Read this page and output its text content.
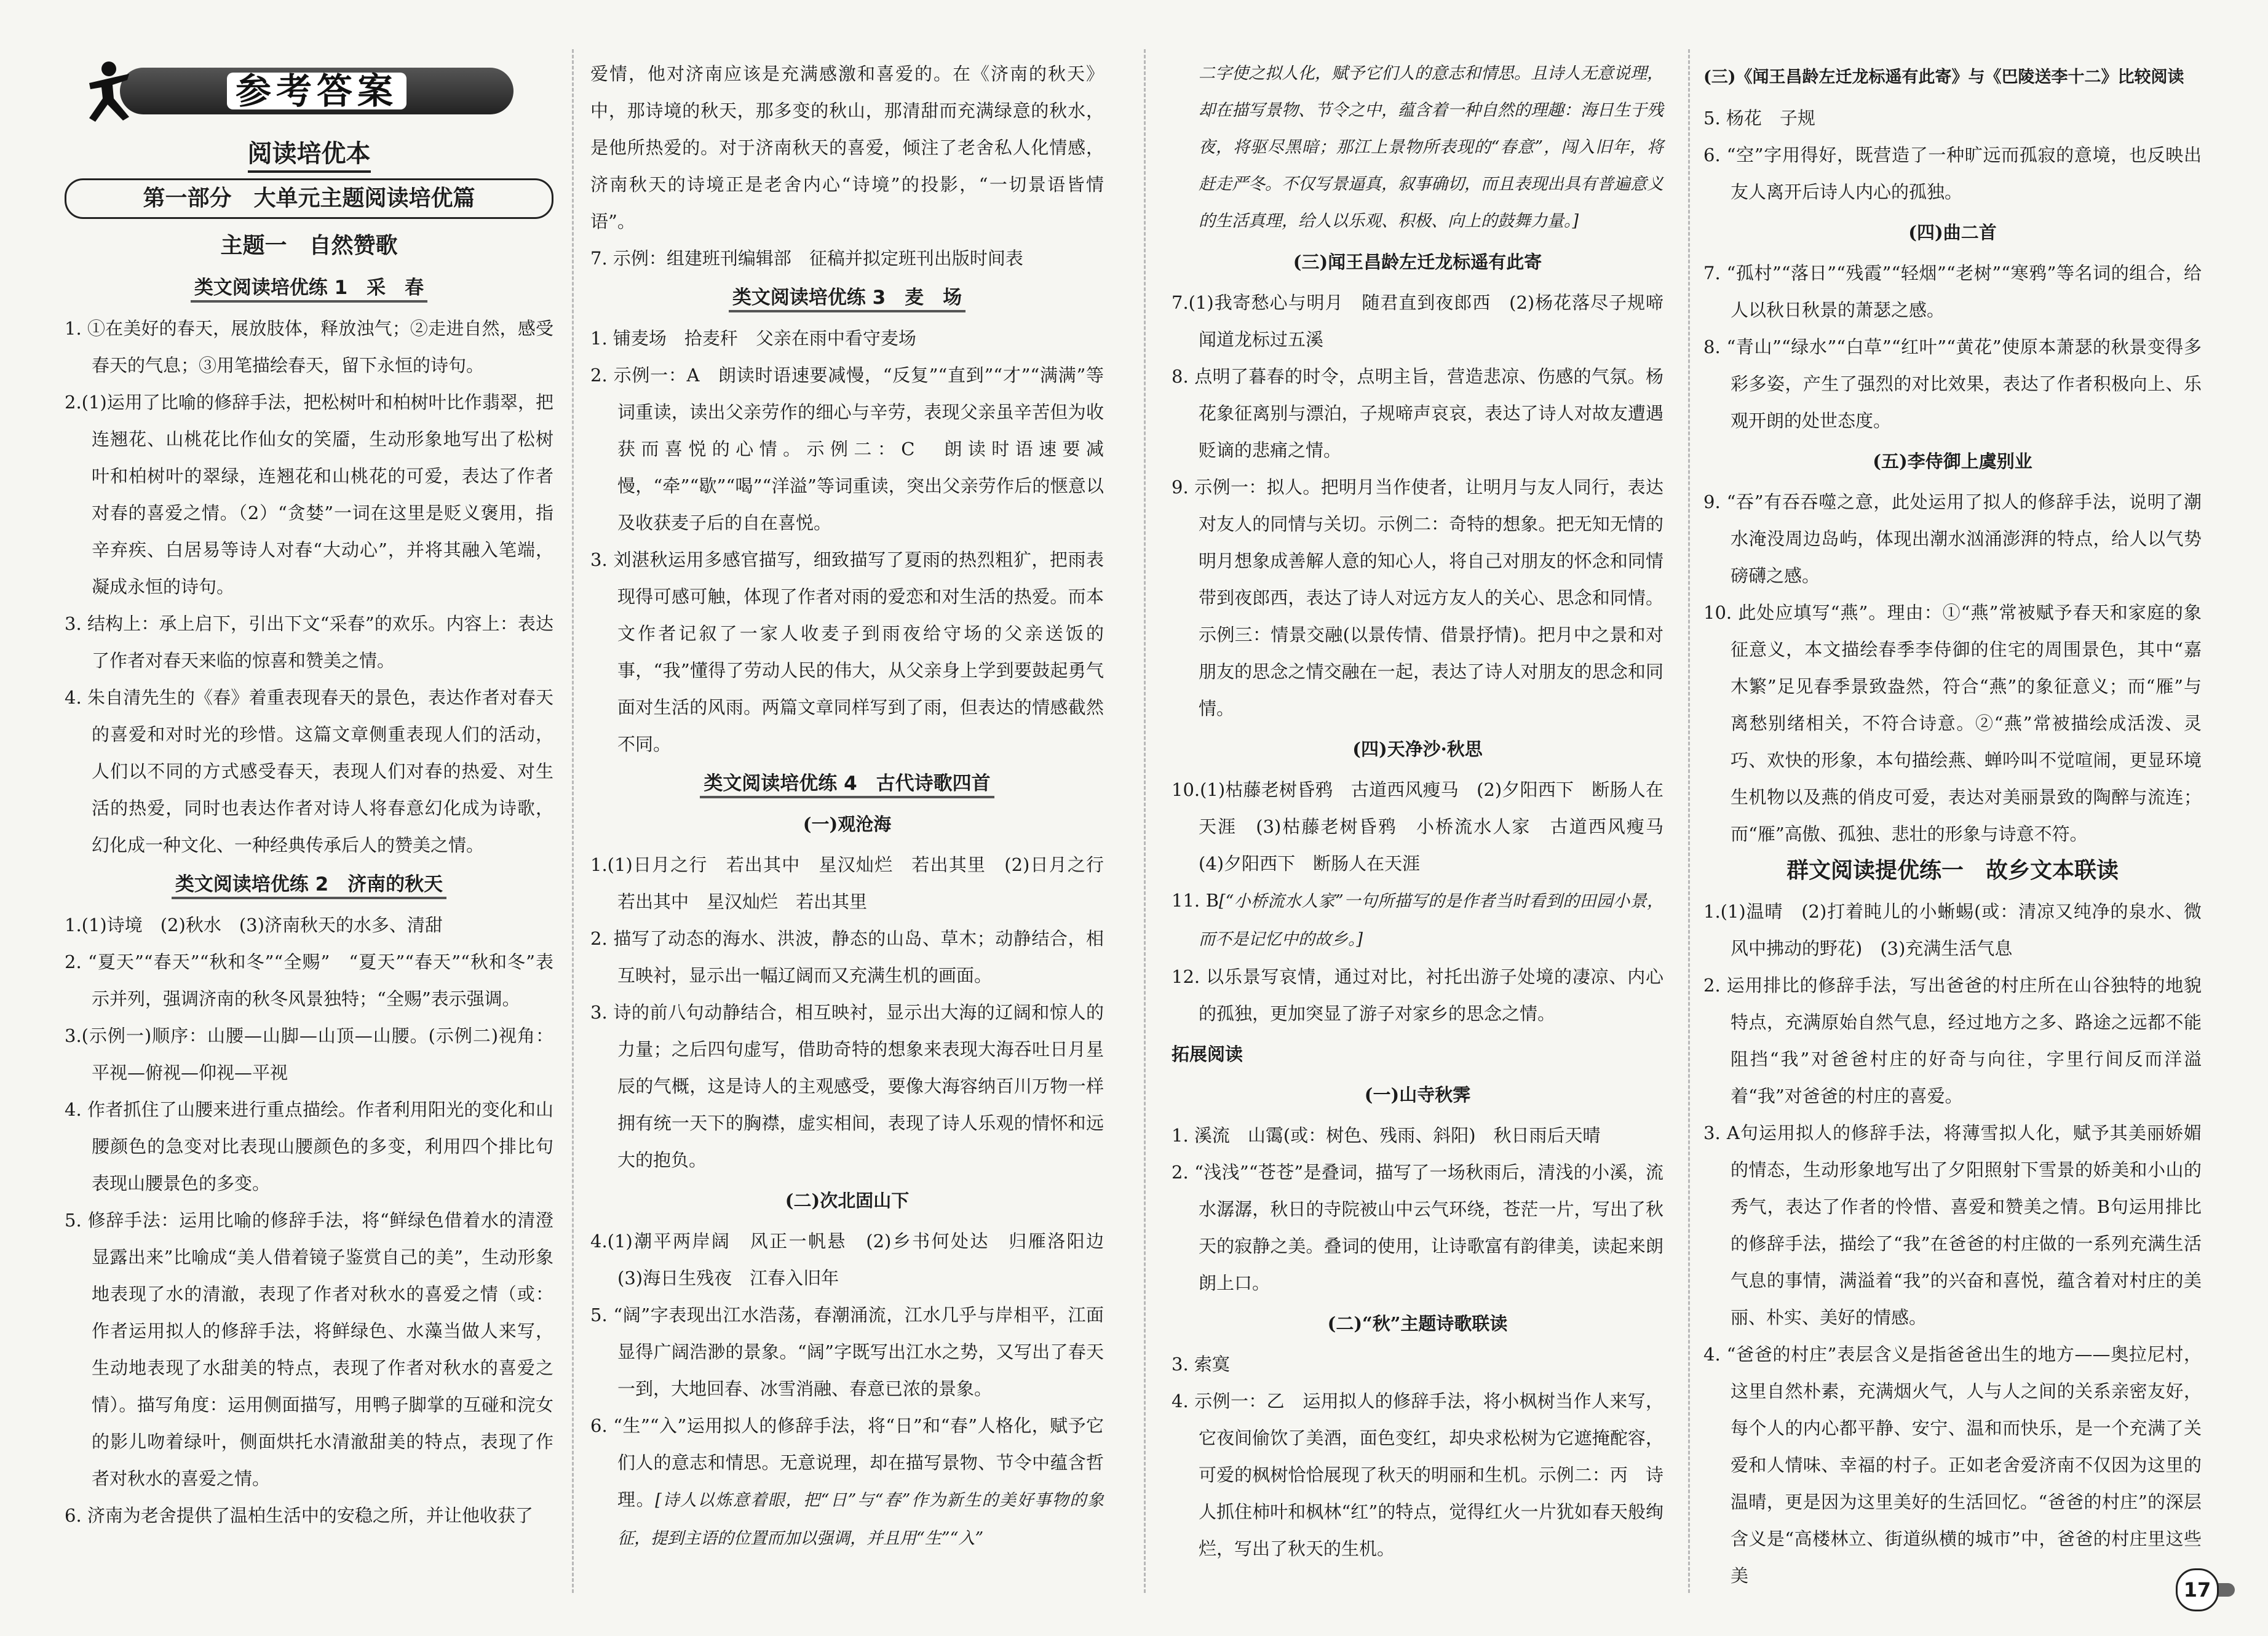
参考答案
阅读培优本
第一部分　大单元主题阅读培优篇
主题一　自然赞歌
类文阅读培优练 1　采　春

1. ①在美好的春天，展放肢体，释放浊气；②走进自然，感受春天的气息；③用笔描绘春天，留下永恒的诗句。

2.(1)运用了比喻的修辞手法，把松树叶和柏树叶比作翡翠，把连翘花、山桃花比作仙女的笑靥，生动形象地写出了松树叶和柏树叶的翠绿，连翘花和山桃花的可爱，表达了作者对春的喜爱之情。（2）“贪婪”一词在这里是贬义褒用，指辛弃疾、白居易等诗人对春“大动心”，并将其融入笔端，凝成永恒的诗句。

3. 结构上：承上启下，引出下文“采春”的欢乐。内容上：表达了作者对春天来临的惊喜和赞美之情。

4. 朱自清先生的《春》着重表现春天的景色，表达作者对春天的喜爱和对时光的珍惜。这篇文章侧重表现人们的活动，人们以不同的方式感受春天，表现人们对春的热爱、对生活的热爱，同时也表达作者对诗人将春意幻化成为诗歌，幻化成一种文化、一种经典传承后人的赞美之情。

类文阅读培优练 2　济南的秋天

1.(1)诗境　(2)秋水　(3)济南秋天的水多、清甜

2. “夏天”“春天”“秋和冬”“全赐”　“夏天”“春天”“秋和冬”表示并列，强调济南的秋冬风景独特；“全赐”表示强调。

3.(示例一)顺序：山腰—山脚—山顶—山腰。(示例二)视角：平视—俯视—仰视—平视

4. 作者抓住了山腰来进行重点描绘。作者利用阳光的变化和山腰颜色的急变对比表现山腰颜色的多变，利用四个排比句表现山腰景色的多变。

5. 修辞手法：运用比喻的修辞手法，将“鲜绿色借着水的清澄显露出来”比喻成“美人借着镜子鉴赏自己的美”，生动形象地表现了水的清澈，表现了作者对秋水的喜爱之情（或：作者运用拟人的修辞手法，将鲜绿色、水藻当做人来写，生动地表现了水甜美的特点，表现了作者对秋水的喜爱之情）。描写角度：运用侧面描写，用鸭子脚掌的互碰和浣女的影儿吻着绿叶，侧面烘托水清澈甜美的特点，表现了作者对秋水的喜爱之情。

6. 济南为老舍提供了温柏生活中的安稳之所，并让他收获了

爱情，他对济南应该是充满感激和喜爱的。在《济南的秋天》中，那诗境的秋天，那多变的秋山，那清甜而充满绿意的秋水，是他所热爱的。对于济南秋天的喜爱，倾注了老舍私人化情感，济南秋天的诗境正是老舍内心“诗境”的投影，“一切景语皆情语”。

7. 示例：组建班刊编辑部　征稿并拟定班刊出版时间表

类文阅读培优练 3　麦　场

1. 铺麦场　拾麦秆　父亲在雨中看守麦场

2. 示例一：A　朗读时语速要减慢，“反复”“直到”“才”“满满”等词重读，读出父亲劳作的细心与辛劳，表现父亲虽辛苦但为收获而喜悦的心情。示例二：C　朗读时语速要减慢，“牵”“歇”“喝”“洋溢”等词重读，突出父亲劳作后的惬意以及收获麦子后的自在喜悦。

3. 刘湛秋运用多感官描写，细致描写了夏雨的热烈粗犷，把雨表现得可感可触，体现了作者对雨的爱恋和对生活的热爱。而本文作者记叙了一家人收麦子到雨夜给守场的父亲送饭的事，“我”懂得了劳动人民的伟大，从父亲身上学到要鼓起勇气面对生活的风雨。两篇文章同样写到了雨，但表达的情感截然不同。

类文阅读培优练 4　古代诗歌四首
(一)观沧海

1.(1)日月之行　若出其中　星汉灿烂　若出其里　(2)日月之行　若出其中　星汉灿烂　若出其里

2. 描写了动态的海水、洪波，静态的山岛、草木；动静结合，相互映衬，显示出一幅辽阔而又充满生机的画面。

3. 诗的前八句动静结合，相互映衬，显示出大海的辽阔和惊人的力量；之后四句虚写，借助奇特的想象来表现大海吞吐日月星辰的气概，这是诗人的主观感受，要像大海容纳百川万物一样拥有统一天下的胸襟，虚实相间，表现了诗人乐观的情怀和远大的抱负。

(二)次北固山下

4.(1)潮平两岸阔　风正一帆悬　(2)乡书何处达　归雁洛阳边　(3)海日生残夜　江春入旧年

5. “阔”字表现出江水浩荡，春潮涌流，江水几乎与岸相平，江面显得广阔浩渺的景象。“阔”字既写出江水之势，又写出了春天一到，大地回春、冰雪消融、春意已浓的景象。

6. “生”“入”运用拟人的修辞手法，将“日”和“春”人格化，赋予它们人的意志和情思。无意说理，却在描写景物、节令中蕴含哲理。[诗人以炼意着眼，把“日”与“春”作为新生的美好事物的象征，提到主语的位置而加以强调，并且用“生”“入”

二字使之拟人化，赋予它们人的意志和情思。且诗人无意说理，却在描写景物、节令之中，蕴含着一种自然的理趣：海日生于残夜，将驱尽黑暗；那江上景物所表现的“春意”，闯入旧年，将赶走严冬。不仅写景逼真，叙事确切，而且表现出具有普遍意义的生活真理，给人以乐观、积极、向上的鼓舞力量。]

(三)闻王昌龄左迁龙标遥有此寄

7.(1)我寄愁心与明月　随君直到夜郎西　(2)杨花落尽子规啼　闻道龙标过五溪

8. 点明了暮春的时令，点明主旨，营造悲凉、伤感的气氛。杨花象征离别与漂泊，子规啼声哀哀，表达了诗人对故友遭遇贬谪的悲痛之情。

9. 示例一：拟人。把明月当作使者，让明月与友人同行，表达对友人的同情与关切。示例二：奇特的想象。把无知无情的明月想象成善解人意的知心人，将自己对朋友的怀念和同情带到夜郎西，表达了诗人对远方友人的关心、思念和同情。示例三：情景交融(以景传情、借景抒情)。把月中之景和对朋友的思念之情交融在一起，表达了诗人对朋友的思念和同情。

(四)天净沙·秋思

10.(1)枯藤老树昏鸦　古道西风瘦马　(2)夕阳西下　断肠人在天涯　(3)枯藤老树昏鸦　小桥流水人家　古道西风瘦马　(4)夕阳西下　断肠人在天涯

11. B[“小桥流水人家”一句所描写的是作者当时看到的田园小景，而不是记忆中的故乡。]

12. 以乐景写哀情，通过对比，衬托出游子处境的凄凉、内心的孤独，更加突显了游子对家乡的思念之情。

拓展阅读
(一)山寺秋霁

1. 溪流　山霭(或：树色、残雨、斜阳)　秋日雨后天晴

2. “浅浅”“苍苍”是叠词，描写了一场秋雨后，清浅的小溪，流水潺潺，秋日的寺院被山中云气环绕，苍茫一片，写出了秋天的寂静之美。叠词的使用，让诗歌富有韵律美，读起来朗朗上口。

(二)“秋”主题诗歌联读

3. 索寞

4. 示例一：乙　运用拟人的修辞手法，将小枫树当作人来写，它夜间偷饮了美酒，面色变红，却央求松树为它遮掩酡容，可爱的枫树恰恰展现了秋天的明丽和生机。示例二：丙　诗人抓住柿叶和枫林“红”的特点，觉得红火一片犹如春天般绚烂，写出了秋天的生机。

(三)《闻王昌龄左迁龙标遥有此寄》与《巴陵送李十二》比较阅读

5. 杨花　子规

6. “空”字用得好，既营造了一种旷远而孤寂的意境，也反映出友人离开后诗人内心的孤独。

(四)曲二首

7. “孤村”“落日”“残霞”“轻烟”“老树”“寒鸦”等名词的组合，给人以秋日秋景的萧瑟之感。

8. “青山”“绿水”“白草”“红叶”“黄花”使原本萧瑟的秋景变得多彩多姿，产生了强烈的对比效果，表达了作者积极向上、乐观开朗的处世态度。

(五)李侍御上虞别业

9. “吞”有吞吞噬之意，此处运用了拟人的修辞手法，说明了潮水淹没周边岛屿，体现出潮水汹涌澎湃的特点，给人以气势磅礴之感。

10. 此处应填写“燕”。理由：①“燕”常被赋予春天和家庭的象征意义，本文描绘春季李侍御的住宅的周围景色，其中“嘉木繁”足见春季景致盎然，符合“燕”的象征意义；而“雁”与离愁别绪相关，不符合诗意。②“燕”常被描绘成活泼、灵巧、欢快的形象，本句描绘燕、蝉吟叫不觉喧闹，更显环境生机物以及燕的俏皮可爱，表达对美丽景致的陶醉与流连；而“雁”高傲、孤独、悲壮的形象与诗意不符。

群文阅读提优练一　故乡文本联读

1.(1)温晴　(2)打着盹儿的小蜥蜴(或：清凉又纯净的泉水、微风中拂动的野花)　(3)充满生活气息

2. 运用排比的修辞手法，写出爸爸的村庄所在山谷独特的地貌特点，充满原始自然气息，经过地方之多、路途之远都不能阻挡“我”对爸爸村庄的好奇与向往，字里行间反而洋溢着“我”对爸爸的村庄的喜爱。

3. A句运用拟人的修辞手法，将薄雪拟人化，赋予其美丽娇媚的情态，生动形象地写出了夕阳照射下雪景的娇美和小山的秀气，表达了作者的怜惜、喜爱和赞美之情。B句运用排比的修辞手法，描绘了“我”在爸爸的村庄做的一系列充满生活气息的事情，满溢着“我”的兴奋和喜悦，蕴含着对村庄的美丽、朴实、美好的情感。

4. “爸爸的村庄”表层含义是指爸爸出生的地方——奥拉尼村，这里自然朴素，充满烟火气，人与人之间的关系亲密友好，每个人的内心都平静、安宁、温和而快乐，是一个充满了关爱和人情味、幸福的村子。正如老舍爱济南不仅因为这里的温晴，更是因为这里美好的生活回忆。“爸爸的村庄”的深层含义是“高楼林立、街道纵横的城市”中，爸爸的村庄里这些美

17
